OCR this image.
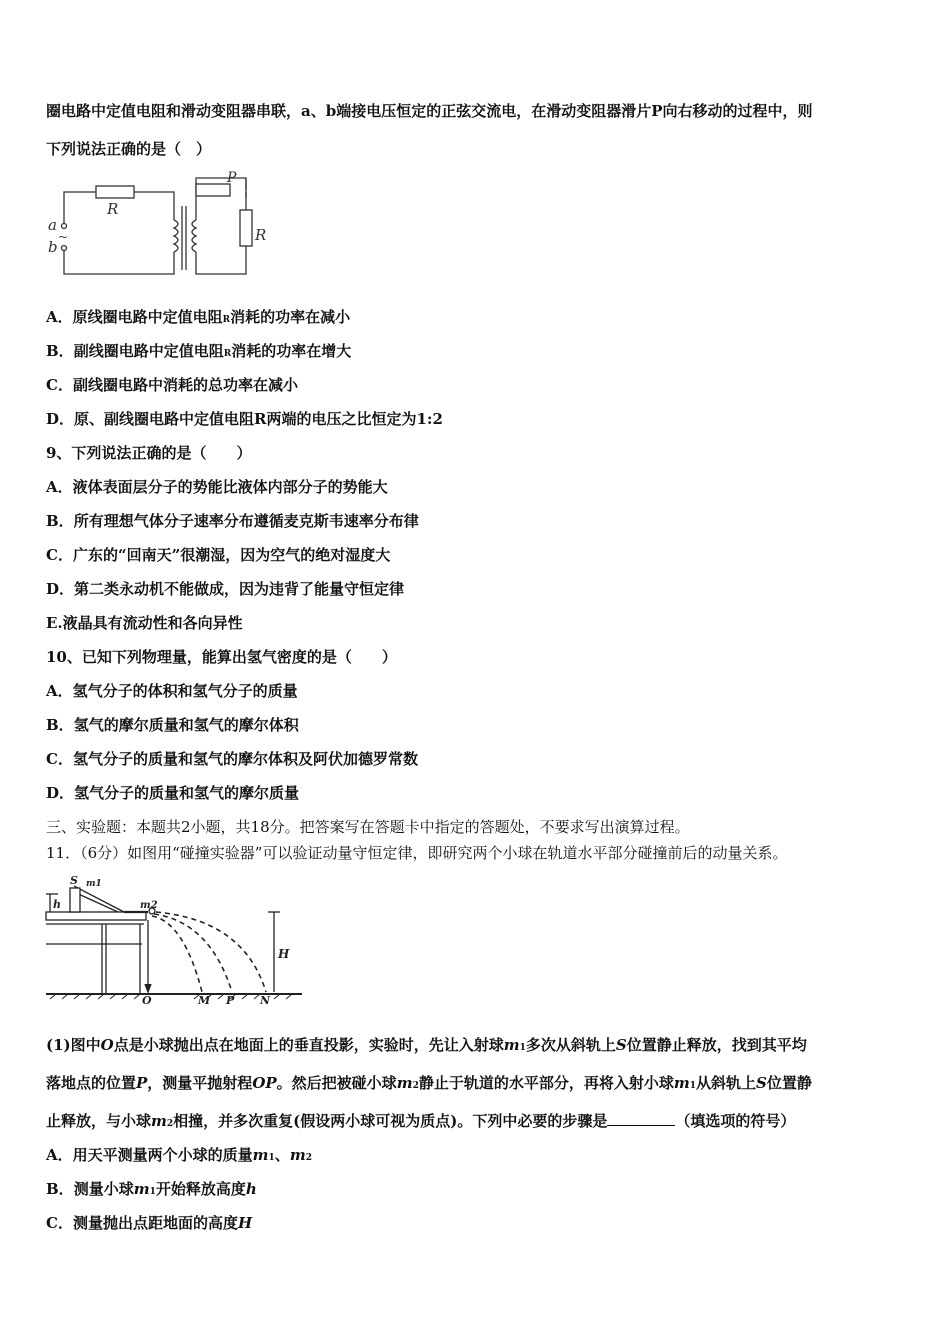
圈电路中定值电阻和滑动变阻器串联，a、b端接电压恒定的正弦交流电，在滑动变阻器滑片P向右移动的过程中，则
下列说法正确的是（　）
a
b
~
R
P
R
A．原线圈电路中定值电阻R消耗的功率在减小
B．副线圈电路中定值电阻R消耗的功率在增大
C．副线圈电路中消耗的总功率在减小
D．原、副线圈电路中定值电阻R两端的电压之比恒定为1:2
9、下列说法正确的是（　　）
A．液体表面层分子的势能比液体内部分子的势能大
B．所有理想气体分子速率分布遵循麦克斯韦速率分布律
C．广东的“回南天”很潮湿，因为空气的绝对湿度大
D．第二类永动机不能做成，因为违背了能量守恒定律
E.液晶具有流动性和各向异性
10、已知下列物理量，能算出氢气密度的是（　　）
A．氢气分子的体积和氢气分子的质量
B．氢气的摩尔质量和氢气的摩尔体积
C．氢气分子的质量和氢气的摩尔体积及阿伏加德罗常数
D．氢气分子的质量和氢气的摩尔质量
三、实验题：本题共2小题，共18分。把答案写在答题卡中指定的答题处，不要求写出演算过程。
11．（6分）如图用“碰撞实验器”可以验证动量守恒定律，即研究两个小球在轨道水平部分碰撞前后的动量关系。
S m1
h	m2
H
O	M P N
(1)图中O点是小球抛出点在地面上的垂直投影，实验时，先让入射球m1多次从斜轨上S位置静止释放，找到其平均
落地点的位置P，测量平抛射程OP。然后把被碰小球m2静止于轨道的水平部分，再将入射小球m1从斜轨上S位置静
止释放，与小球m2相撞，并多次重复(假设两小球可视为质点)。下列中必要的步骤是	（填选项的符号）
A．用天平测量两个小球的质量m1、m2
B．测量小球m1开始释放高度h
C．测量抛出点距地面的高度H
